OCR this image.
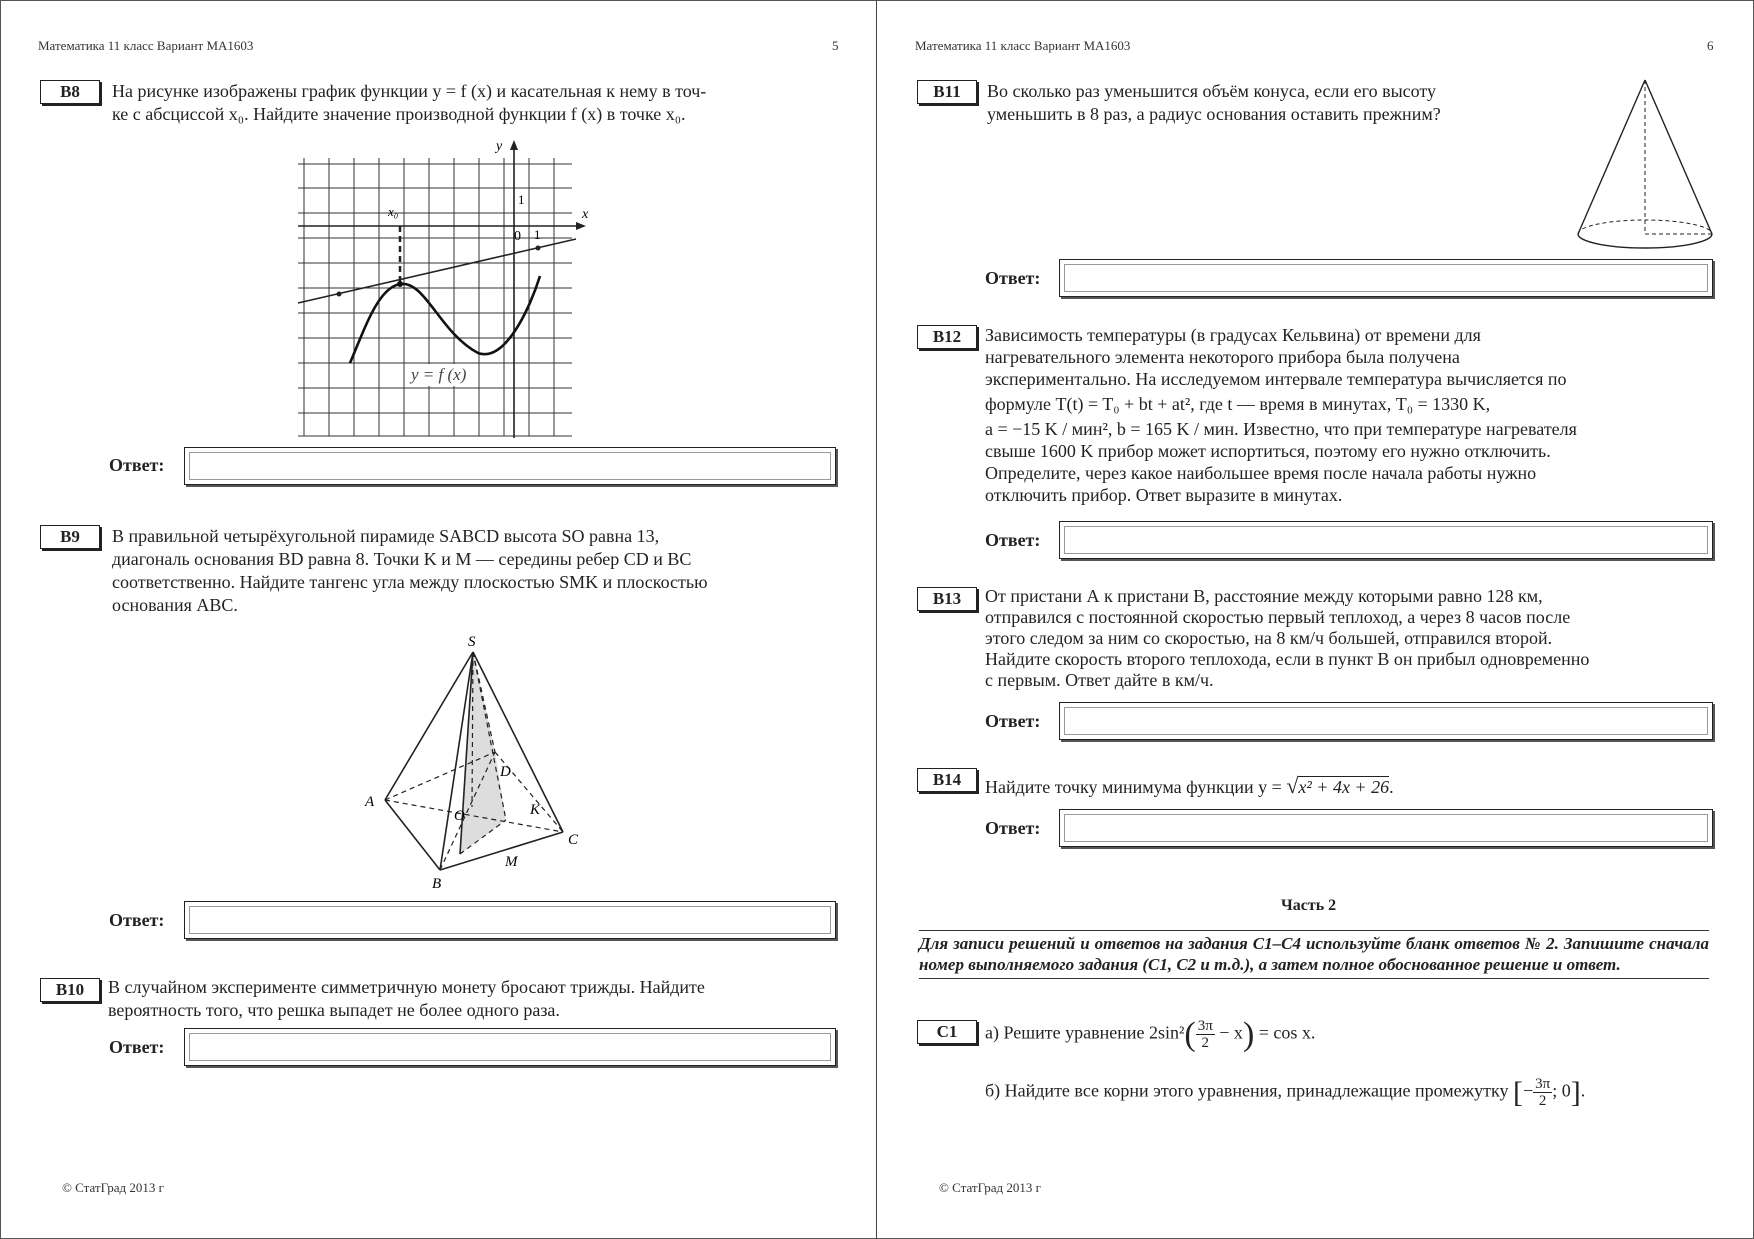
Математика 11 класс Вариант МА1603	5
B8	На рисунке изображены график функции y = f (x) и касательная к нему в точ-
ке с абсциссой x₀. Найдите значение производной функции f (x) в точке x₀.
y
x
1
0 1
x₀
y = f (x)
Ответ:
B9	В правильной четырёхугольной пирамиде SABCD высота SO равна 13,
диагональ основания BD равна 8. Точки K и M — середины ребер CD и BC
соответственно. Найдите тангенс угла между плоскостью SMK и плоскостью
основания ABC.
S
A
B
C
D
O	K
M
Ответ:
B10	В случайном эксперименте симметричную монету бросают трижды. Найдите
вероятность того, что решка выпадет не более одного раза.
Ответ:
© СтатГрад 2013 г
Математика 11 класс Вариант МА1603	6
B11	Во сколько раз уменьшится объём конуса, если его высоту
уменьшить в 8 раз, а радиус основания оставить прежним?
Ответ:
B12	Зависимость температуры (в градусах Кельвина) от времени для
нагревательного элемента некоторого прибора была получена
экспериментально. На исследуемом интервале температура вычисляется по
формуле T(t) = T₀ + bt + at², где t — время в минутах, T₀ = 1330 K,
a = −15 K / мин², b = 165 K / мин. Известно, что при температуре нагревателя
свыше 1600 K прибор может испортиться, поэтому его нужно отключить.
Определите, через какое наибольшее время после начала работы нужно
отключить прибор. Ответ выразите в минутах.
Ответ:
B13	От пристани А к пристани В, расстояние между которыми равно 128 км,
отправился с постоянной скоростью первый теплоход, а через 8 часов после
этого следом за ним со скоростью, на 8 км/ч большей, отправился второй.
Найдите скорость второго теплохода, если в пункт В он прибыл одновременно
с первым. Ответ дайте в км/ч.
Ответ:
B14	Найдите точку минимума функции y = √x² + 4x + 26.
Ответ:
Часть 2
Для записи решений и ответов на задания C1–C4 используйте бланк ответов № 2. Запишите сначала номер выполняемого задания (C1, C2 и т.д.), а затем полное обоснованное решение и ответ.
C1	а) Решите уравнение $2\sin^2( \frac{3\pi}{2} - x) = \cos x$.
б) Найдите все корни этого уравнения, принадлежащие промежутку [− $\frac{3\pi}{2}$ ; 0].
© СтатГрад 2013 г
